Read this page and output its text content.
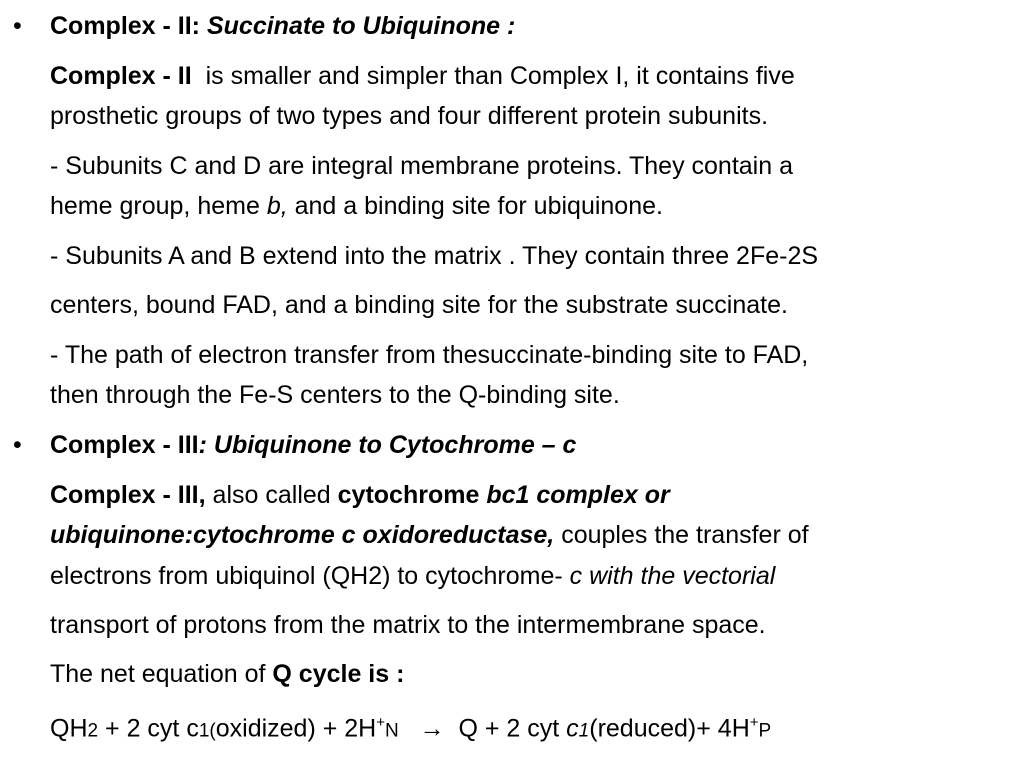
• Complex - II: Succinate to Ubiquinone :
Complex - II is smaller and simpler than Complex I, it contains five
prosthetic groups of two types and four different protein subunits.
- Subunits C and D are integral membrane proteins. They contain a
heme group, heme b, and a binding site for ubiquinone.
- Subunits A and B extend into the matrix . They contain three 2Fe-2S
centers, bound FAD, and a binding site for the substrate succinate.
- The path of electron transfer from thesuccinate-binding site to FAD,
then through the Fe-S centers to the Q-binding site.
• Complex - III: Ubiquinone to Cytochrome – c
Complex - III, also called cytochrome bc1 complex or
ubiquinone:cytochrome c oxidoreductase, couples the transfer of
electrons from ubiquinol (QH2) to cytochrome- c with the vectorial
transport of protons from the matrix to the intermembrane space.
The net equation of Q cycle is :
QH2 + 2 cyt c1(oxidized) + 2H+N → Q + 2 cyt c1(reduced)+ 4H+P
